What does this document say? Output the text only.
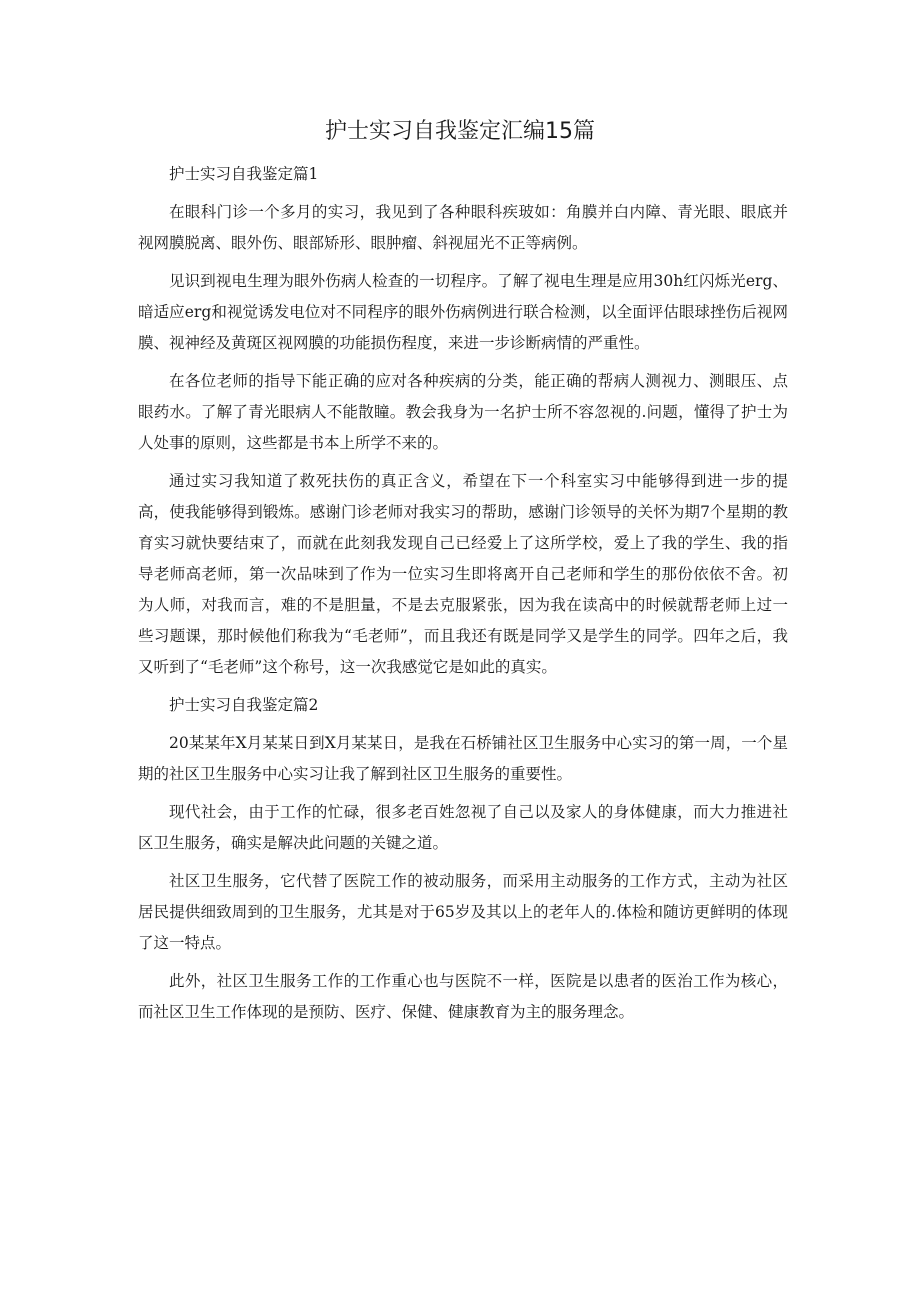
护士实习自我鉴定汇编15篇

护士实习自我鉴定篇1

在眼科门诊一个多月的实习，我见到了各种眼科疾玻如：角膜并白内障、青光眼、眼底并视网膜脱离、眼外伤、眼部矫形、眼肿瘤、斜视屈光不正等病例。

见识到视电生理为眼外伤病人检查的一切程序。了解了视电生理是应用30h红闪烁光erg、暗适应erg和视觉诱发电位对不同程序的眼外伤病例进行联合检测，以全面评估眼球挫伤后视网膜、视神经及黄斑区视网膜的功能损伤程度，来进一步诊断病情的严重性。

在各位老师的指导下能正确的应对各种疾病的分类，能正确的帮病人测视力、测眼压、点眼药水。了解了青光眼病人不能散瞳。教会我身为一名护士所不容忽视的.问题，懂得了护士为人处事的原则，这些都是书本上所学不来的。

通过实习我知道了救死扶伤的真正含义，希望在下一个科室实习中能够得到进一步的提高，使我能够得到锻炼。感谢门诊老师对我实习的帮助，感谢门诊领导的关怀为期7个星期的教育实习就快要结束了，而就在此刻我发现自己已经爱上了这所学校，爱上了我的学生、我的指导老师高老师，第一次品味到了作为一位实习生即将离开自己老师和学生的那份依依不舍。初为人师，对我而言，难的不是胆量，不是去克服紧张，因为我在读高中的时候就帮老师上过一些习题课，那时候他们称我为“毛老师”，而且我还有既是同学又是学生的同学。四年之后，我又听到了“毛老师”这个称号，这一次我感觉它是如此的真实。

护士实习自我鉴定篇2

20某某年X月某某日到X月某某日，是我在石桥铺社区卫生服务中心实习的第一周，一个星期的社区卫生服务中心实习让我了解到社区卫生服务的重要性。

现代社会，由于工作的忙碌，很多老百姓忽视了自己以及家人的身体健康，而大力推进社区卫生服务，确实是解决此问题的关键之道。

社区卫生服务，它代替了医院工作的被动服务，而采用主动服务的工作方式，主动为社区居民提供细致周到的卫生服务，尤其是对于65岁及其以上的老年人的.体检和随访更鲜明的体现了这一特点。

此外，社区卫生服务工作的工作重心也与医院不一样，医院是以患者的医治工作为核心，而社区卫生工作体现的是预防、医疗、保健、健康教育为主的服务理念。
